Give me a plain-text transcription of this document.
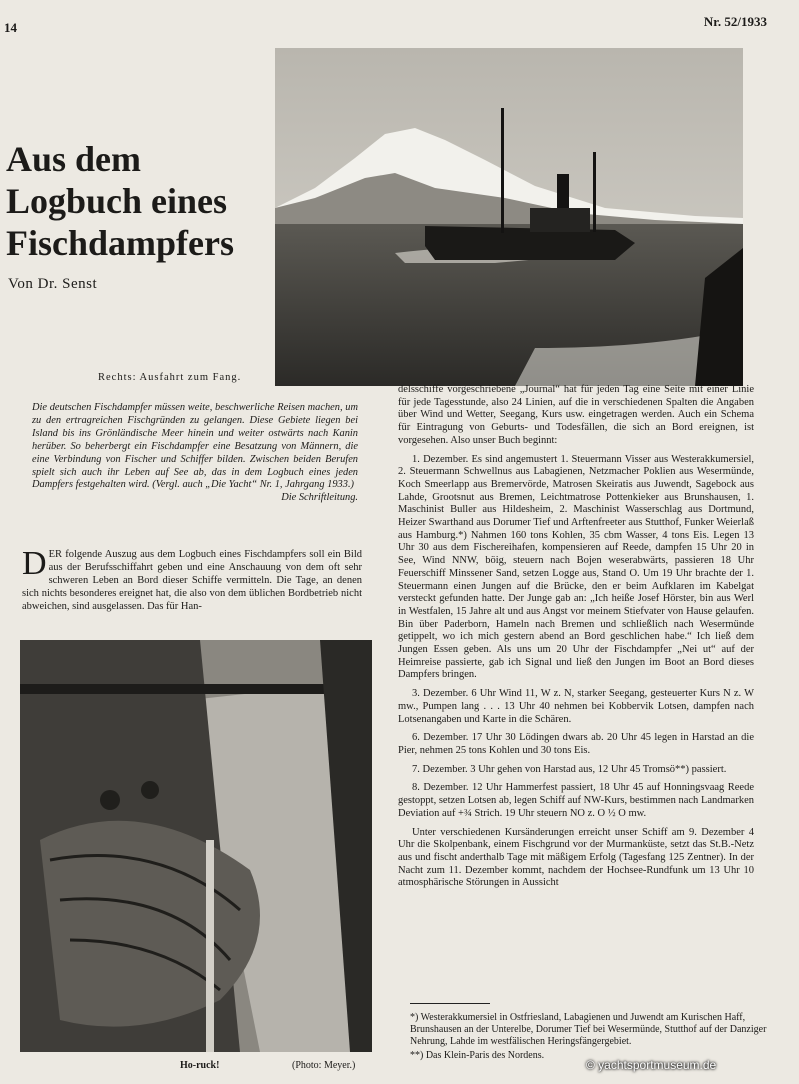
14	Nr. 52/1933
Aus dem Logbuch eines Fischdampfers
Von Dr. Senst
Rechts: Ausfahrt zum Fang.
Die deutschen Fischdampfer müssen weite, beschwerliche Reisen machen, um zu den ertragreichen Fischgründen zu gelangen. Diese Gebiete liegen bei Island bis ins Grönländische Meer hinein und weiter ostwärts nach Kanin herüber. So beherbergt ein Fischdampfer eine Besatzung von Männern, die eine Verbindung von Fischer und Schiffer bilden. Zwischen beiden Berufen spielt sich auch ihr Leben auf See ab, das in dem Logbuch eines jeden Dampfers festgehalten wird. (Vergl. auch „Die Yacht“ Nr. 1, Jahrgang 1933.)
Die Schriftleitung.
D ER folgende Auszug aus dem Logbuch eines Fischdampfers soll ein Bild aus der Berufsschiffahrt geben und eine Anschauung von dem oft sehr schweren Leben an Bord dieser Schiffe vermitteln. Die Tage, an denen sich nichts besonderes ereignet hat, die also von dem üblichen Bordbetrieb nicht abweichen, sind ausgelassen. Das für Han-
Ho-ruck!	(Photo: Meyer.)

delsschiffe vorgeschriebene „Journal“ hat für jeden Tag eine Seite mit einer Linie für jede Tagesstunde, also 24 Linien, auf die in verschiedenen Spalten die Angaben über Wind und Wetter, Seegang, Kurs usw. eingetragen werden. Auch ein Schema für Eintragung von Geburts- und Todesfällen, die sich an Bord ereignen, ist vorgesehen. Also unser Buch beginnt:

1. Dezember. Es sind angemustert 1. Steuermann Visser aus Westerakkumersiel, 2. Steuermann Schwellnus aus Labagienen, Netzmacher Poklien aus Wesermünde, Koch Smeerlapp aus Bremervörde, Matrosen Skeiratis aus Juwendt, Sagebock aus Lahde, Grootsnut aus Bremen, Leichtmatrose Pottenkieker aus Brunshausen, 1. Maschinist Buller aus Hildesheim, 2. Maschinist Wasserschlag aus Dortmund, Heizer Swarthand aus Dorumer Tief und Arftenfreeter aus Stutthof, Funker Weierlaß aus Hamburg.*) Nahmen 160 tons Kohlen, 35 cbm Wasser, 4 tons Eis. Legen 13 Uhr 30 aus dem Fischereihafen, kompensieren auf Reede, dampfen 15 Uhr 20 in See, Wind NNW, böig, steuern nach Bojen weserabwärts, passieren 18 Uhr Feuerschiff Minssener Sand, setzen Logge aus, Stand O. Um 19 Uhr brachte der 1. Steuermann einen Jungen auf die Brücke, den er beim Aufklaren im Kabelgat versteckt gefunden hatte. Der Junge gab an: „Ich heiße Josef Hörster, bin aus Werl in Westfalen, 15 Jahre alt und aus Angst vor meinem Stiefvater von Hause gelaufen. Bin über Paderborn, Hameln nach Bremen und schließlich nach Wesermünde getippelt, wo ich mich gestern abend an Bord geschlichen habe.“ Ich ließ dem Jungen Essen geben. Als uns um 20 Uhr der Fischdampfer „Nei ut“ auf der Heimreise passierte, gab ich Signal und ließ den Jungen im Boot an Bord dieses Dampfers bringen.

3. Dezember. 6 Uhr Wind 11, W z. N, starker Seegang, gesteuerter Kurs N z. W mw., Pumpen lang . . . 13 Uhr 40 nehmen bei Kobbervik Lotsen, dampfen nach Lotsenangaben und Karte in die Schären.

6. Dezember. 17 Uhr 30 Lödingen dwars ab. 20 Uhr 45 legen in Harstad an die Pier, nehmen 25 tons Kohlen und 30 tons Eis.

7. Dezember. 3 Uhr gehen von Harstad aus, 12 Uhr 45 Tromsö**) passiert.

8. Dezember. 12 Uhr Hammerfest passiert, 18 Uhr 45 auf Honningsvaag Reede gestoppt, setzen Lotsen ab, legen Schiff auf NW-Kurs, bestimmen nach Landmarken Deviation auf +¾ Strich. 19 Uhr steuern NO z. O ½ O mw.

Unter verschiedenen Kursänderungen erreicht unser Schiff am 9. Dezember 4 Uhr die Skolpenbank, einem Fischgrund vor der Murmanküste, setzt das St.B.-Netz aus und fischt anderthalb Tage mit mäßigem Erfolg (Tagesfang 125 Zentner). In der Nacht zum 11. Dezember kommt, nachdem der Hochsee-Rundfunk um 13 Uhr 10 atmosphärische Störungen in Aussicht

*) Westerakkumersiel in Ostfriesland, Labagienen und Juwendt am Kurischen Haff, Brunshausen an der Unterelbe, Dorumer Tief bei Wesermünde, Stutthof auf der Danziger Nehrung, Lahde im westfälischen Heringsfängergebiet.

**) Das Klein-Paris des Nordens.

© yachtsportmuseum.de
